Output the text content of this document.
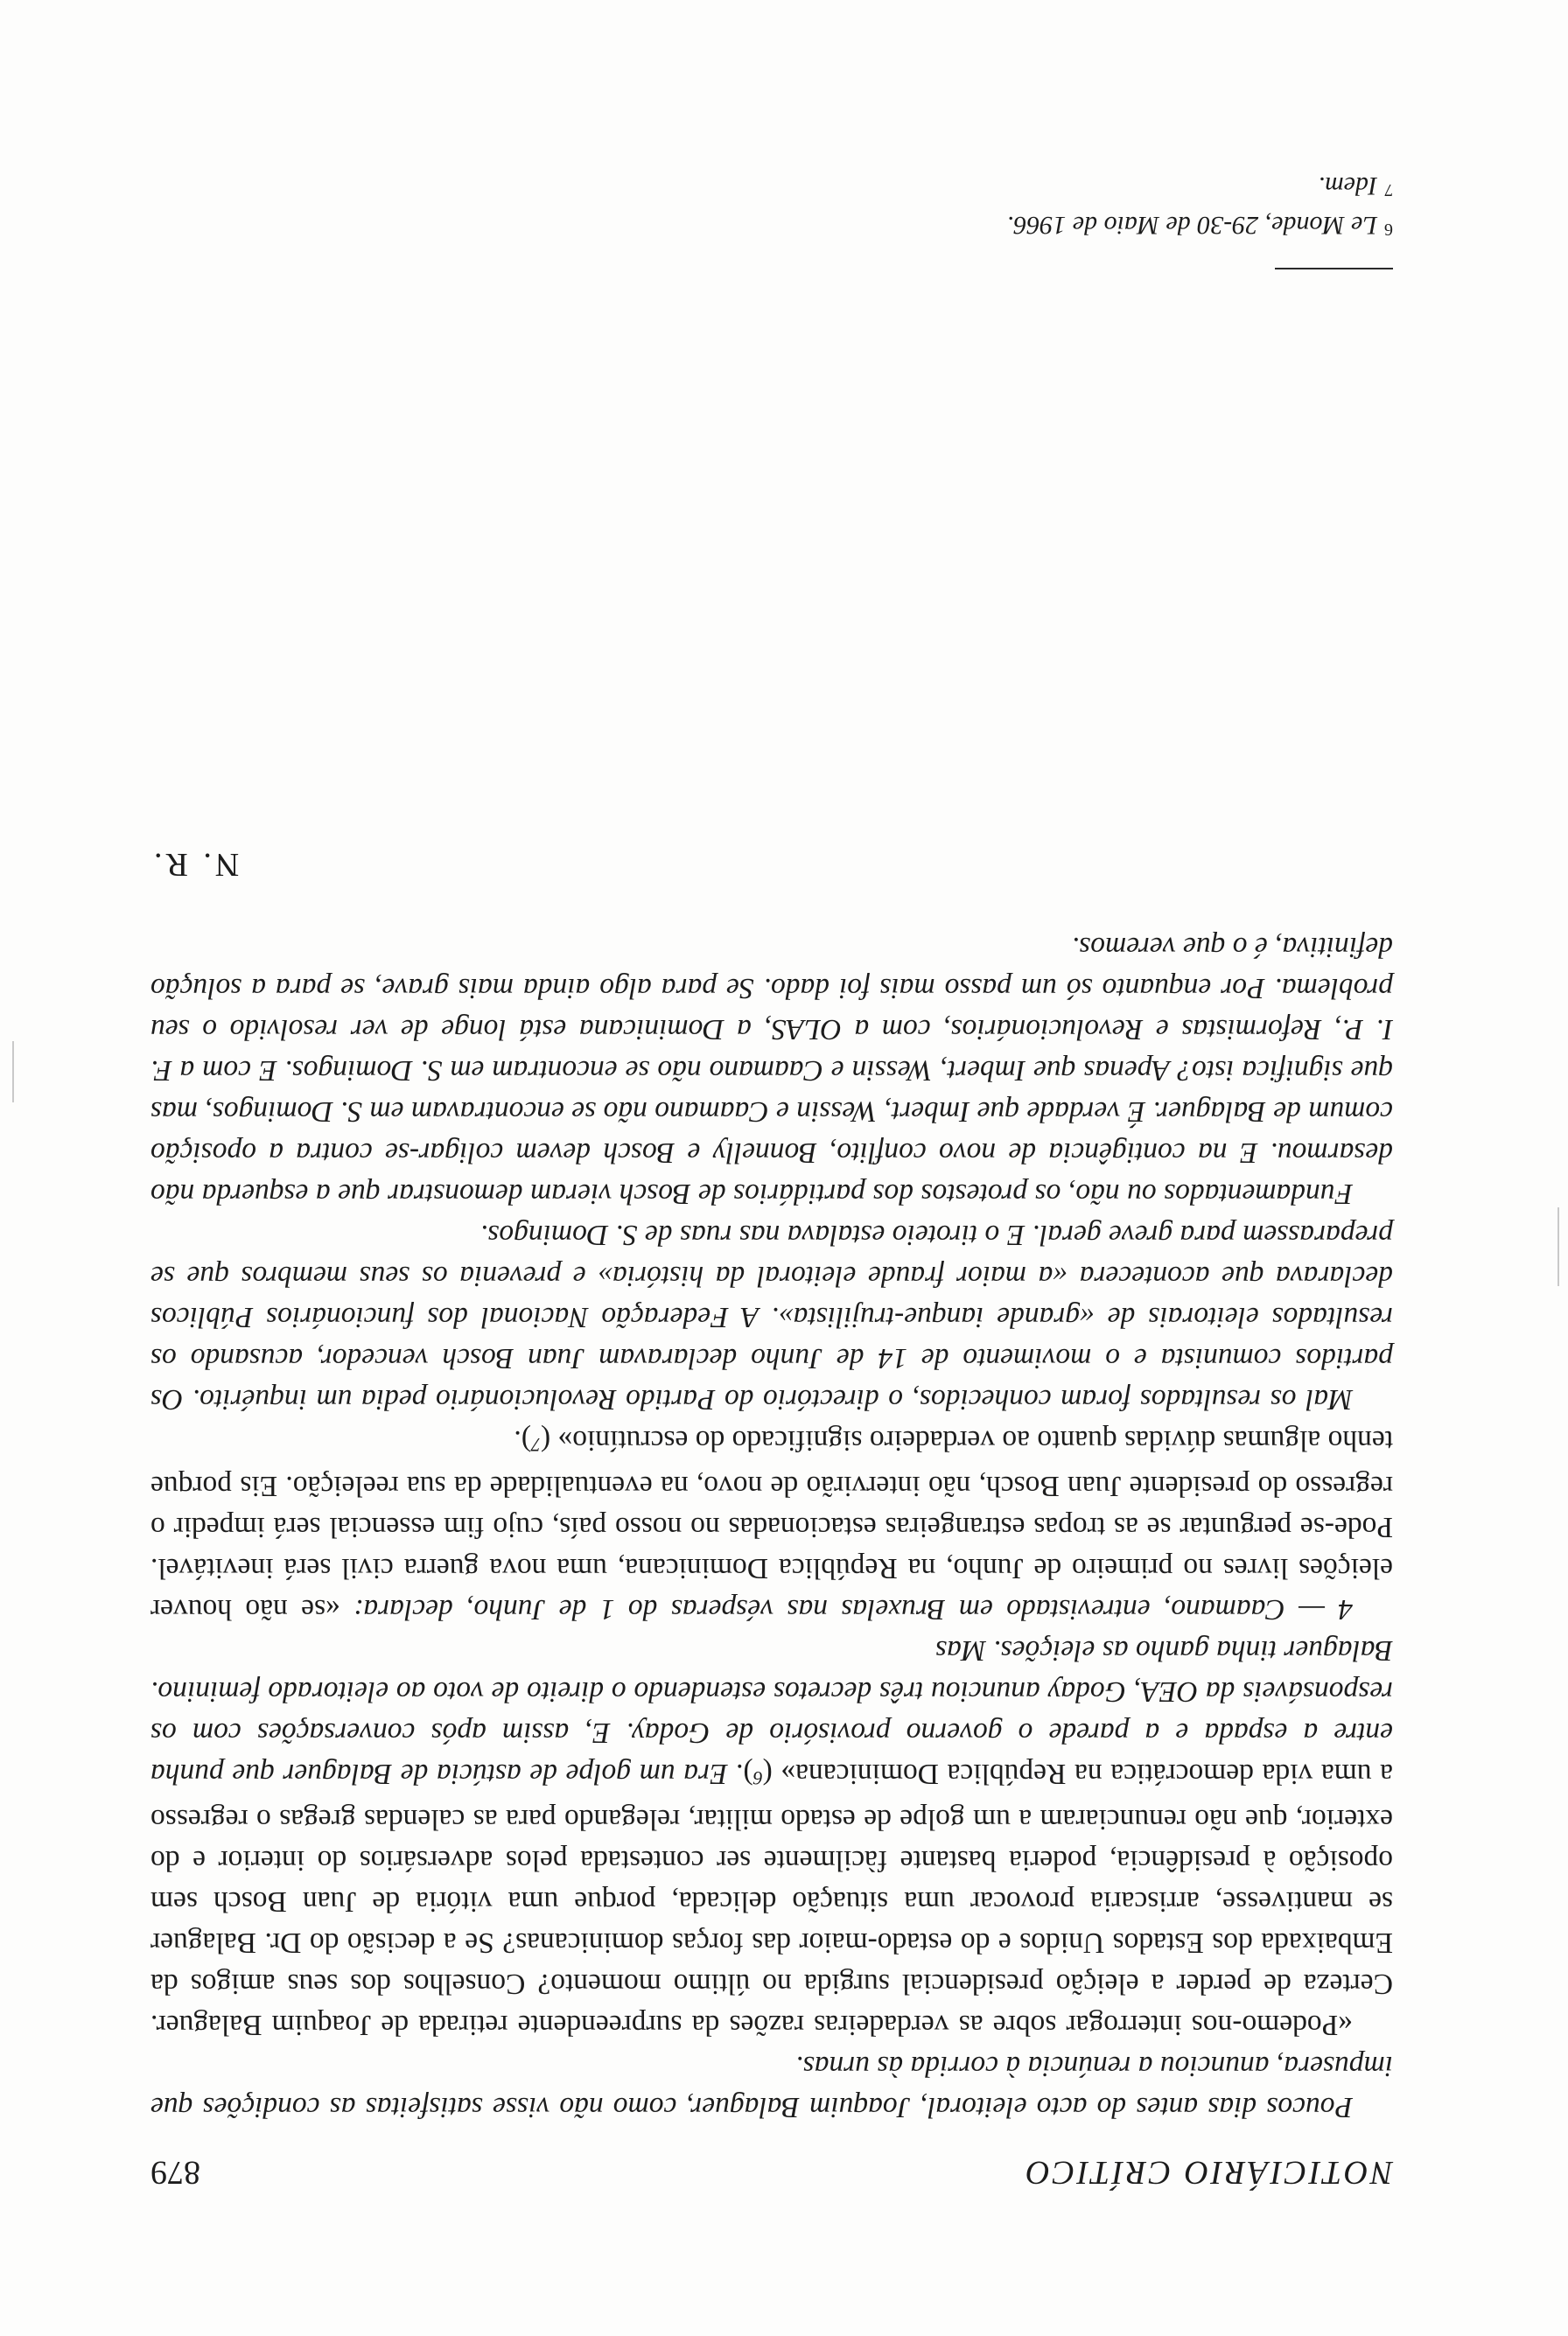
NOTICIÁRIO CRÍTICO
879

Poucos dias antes do acto eleitoral, Joaquim Balaguer, como não visse satisfeitas as condições que impusera, anunciou a renúncia à corrida às urnas.

«Podemo-nos interrogar sobre as verdadeiras razões da surpreendente retirada de Joaquim Balaguer. Certeza de perder a eleição presidencial surgida no último momento? Conselhos dos seus amigos da Embaixada dos Estados Unidos e do estado-maior das forças dominicanas? Se a decisão do Dr. Balaguer se mantivesse, arriscaria provocar uma situação delicada, porque uma vitória de Juan Bosch sem oposição à presidência, poderia bastante fàcilmente ser contestada pelos adversários do interior e do exterior, que não renunciaram a um golpe de estado militar, relegando para as calendas gregas o regresso a uma vida democrática na República Dominicana» ($^6$). Era um golpe de astúcia de Balaguer que punha entre a espada e a parede o governo provisório de Goday. E, assim após conversações com os responsáveis da OEA, Goday anunciou três decretos estendendo o direito de voto ao eleitorado feminino. Balaguer tinha ganho as eleições. Mas

4 — Caamano, entrevistado em Bruxelas nas vésperas do 1 de Junho, declara: «se não houver eleições livres no primeiro de Junho, na República Dominicana, uma nova guerra civil será inevitável. Pode-se perguntar se as tropas estrangeiras estacionadas no nosso país, cujo fim essencial será impedir o regresso do presidente Juan Bosch, não intervirão de novo, na eventualidade da sua reeleição. Eis porque tenho algumas dúvidas quanto ao verdadeiro significado do escrutínio» ($^7$).

Mal os resultados foram conhecidos, o directório do Partido Revolucionário pedia um inquérito. Os partidos comunista e o movimento de 14 de Junho declaravam Juan Bosch vencedor, acusando os resultados eleitorais de «grande ianque-trujilista». A Federação Nacional dos funcionários Públicos declarava que acontecera «a maior fraude eleitoral da história» e prevenia os seus membros que se preparassem para greve geral. E o tiroteio estalava nas ruas de S. Domingos.

Fundamentados ou não, os protestos dos partidários de Bosch vieram demonstrar que a esquerda não desarmou. E na contigência de novo conflito, Bonnelly e Bosch devem coligar-se contra a oposição comum de Balaguer. É verdade que Imbert, Wessin e Caamano não se encontravam em S. Domingos, mas que significa isto? Apenas que Imbert, Wessin e Caamano não se encontram em S. Domingos. E com a F. I. P., Reformistas e Revolucionários, com a OLAS, a Dominicana está longe de ver resolvido o seu problema. Por enquanto só um passo mais foi dado. Se para algo ainda mais grave, se para a solução definitiva, é o que veremos.

N. R.
$^6$Le Monde, 29-30 de Maio de 1966.
$^7$Idem.
